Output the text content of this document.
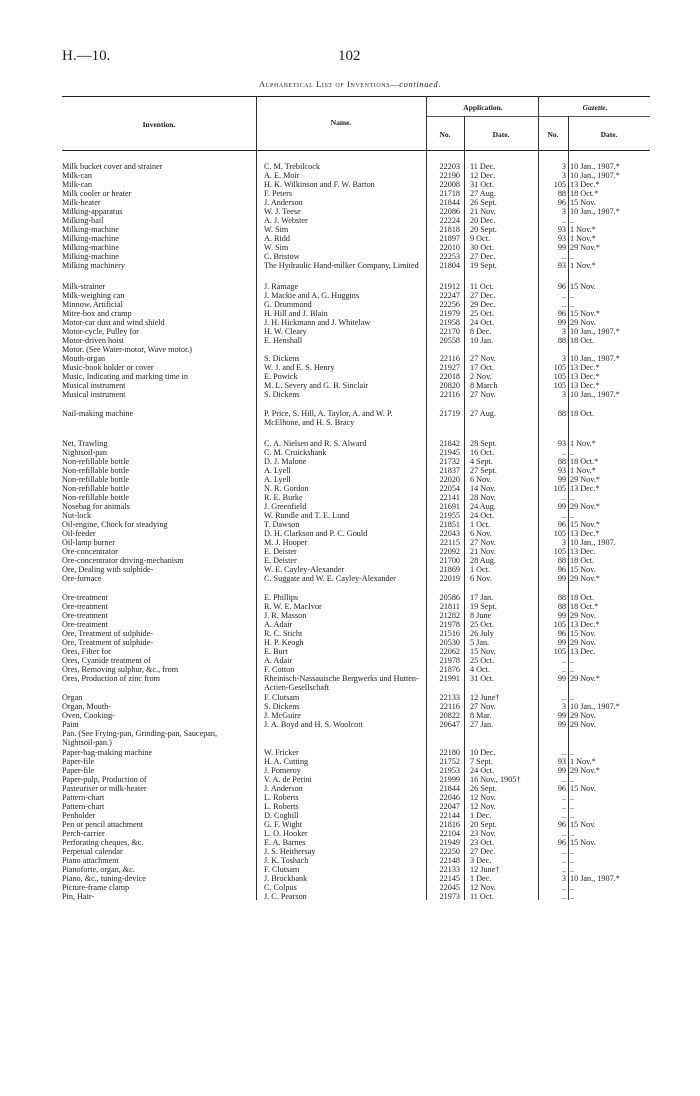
H.—10.	102
Alphabetical List of Inventions—continued.
Invention.	Name.
Application.
No.	Date.
Gazette.
No.	Date.
Milk bucket cover and strainer	C. M. Trebilcock	22203 11 Dec.	3 10 Jan., 1907.*
Milk-can	A. E. Moir	22190 12 Dec.	3 10 Jan., 1907.*
Milk-can	H. K. Wilkinson and F. W. Barton	22008 31 Oct.	105 13 Dec.*
Milk cooler or heater	F. Peters	21718 27 Aug.	88 18 Oct.*
Milk-heater	J. Anderson	21844 26 Sept.	96 15 Nov.
Milking-apparatus	W. J. Teese	22086 21 Nov.	3 10 Jan., 1907.*
Milking-bail	A. J. Webster	22224 20 Dec.	.. ..
Milking-machine	W. Sim	21818 20 Sept.	93 1 Nov.*
Milking-machine	A. Ridd	21897 9 Oct.	93 1 Nov.*
Milking-machine	W. Sim	22010 30 Oct.	99 29 Nov.*
Milking-machine	C. Bristow	22253 27 Dec.	.. ..
Milking machinery	The Hydraulic Hand-milker Company, Limited	21804 19 Sept.	93 1 Nov.*
Milk-strainer	J. Ramage	21912 11 Oct.	96 15 Nov.
Milk-weighing can	J. Mackie and A. G. Huggins	22247 27 Dec.	.. ..
Minnow, Artificial	G. Drummond	22256 29 Dec.	.. ..
Mitre-box and cramp	H. Hill and J. Blain	21979 25 Oct.	96 15 Nov.*
Motor-car dust and wind shield	J. H. Hickmann and J. Whitelaw	21958 24 Oct.	99 29 Nov.
Motor-cycle, Pulley for	H. W. Cleary	22170 8 Dec.	3 10 Jan., 1907.*
Motor-driven hoist	E. Henshall	20558 10 Jan.	88 18 Oct.
Motor. (See Water-motor, Wave motor.)
Mouth-organ	S. Dickens	22116 27 Nov.	3 10 Jan., 1907.*
Music-book holder or cover	W. J. and E. S. Henry	21927 17 Oct.	105 13 Dec.*
Music, Indicating and marking time in	E. Powick	22018 2 Nov.	105 13 Dec.*
Musical instrument	M. L. Severy and G. B. Sinclair	20820 8 March	105 13 Dec.*
Musical instrument	S. Dickens	22116 27 Nov.	3 10 Jan., 1907.*
Nail-making machine	P. Price, S. Hill, A. Taylor, A. and W. P. McElhone, and H. S. Bracy
21719 27 Aug.	88 18 Oct.
Net, Trawling	C. A. Nielsen and R. S. Alward	21842 28 Sept.	93 1 Nov.*
Nightsoil-pan	C. M. Cruickshank	21945 16 Oct.	.. ..
Non-refillable bottle	D. J. Malone	21732 4 Sept.	88 18 Oct.*
Non-refillable bottle	A. Lyell	21837 27 Sept.	93 1 Nov.*
Non-refillable bottle	A. Lyell	22020 6 Nov.	99 29 Nov.*
Non-refillable bottle	N. R. Gordon	22054 14 Nov.	105 13 Dec.*
Non-refillable bottle	R. E. Burke	22141 28 Nov.	.. ..
Nosebag for animals	J. Greenfield	21691 24 Aug.	99 29 Nov.*
Nut-lock	W. Rundle and T. E. Lund	21955 24 Oct.	.. ..
Oil-engine, Chock for steadying	T. Dawson	21851 1 Oct.	96 15 Nov.*
Oil-feeder	D. H. Clarkson and P. C. Gould	22043 6 Nov.	105 13 Dec.*
Oil-lamp burner	M. J. Hooper	22115 27 Nov.	3 10 Jan., 1907.
Ore-concentrator	E. Deister	22092 21 Nov.	105 13 Dec.
Ore-concentrator driving-mechanism	E. Deister	21700 28 Aug.	88 18 Oct.
Ore, Dealing with sulphide-	W. E. Cayley-Alexander	21869 1 Oct.	96 15 Nov.
Ore-furnace	C. Suggate and W. E. Cayley-Alexander	22019 6 Nov.	99 29 Nov.*
Ore-treatment	E. Phillips	20586 17 Jan.	88 18 Oct.
Ore-treatment	R. W. E. MacIvor	21811 19 Sept.	88 18 Oct.*
Ore-treatment	J. R. Masson	21282 8 June	99 29 Nov.
Ore-treatment	A. Adair	21978 25 Oct.	105 13 Dec.*
Ore, Treatment of sulphide-	R. C. Sticht	21516 26 July	96 15 Nov.
Ore, Treatment of sulphide-	H. P. Keogh	20530 5 Jan.	99 29 Nov.
Ores, Filter for	E. Burt	22062 15 Nov.	105 13 Dec.
Ores, Cyanide treatment of	A. Adair	21978 25 Oct.	.. ..
Ores, Removing sulphur, &c., from	F. Cotton	21876 4 Oct.	.. ..
Ores, Production of zinc from	Rheinisch-Nassauische Bergwerks und Hutten-Actien-Gesellschaft
21991 31 Oct.	99 29 Nov.*
Organ	F. Clutsam	22133 12 June†	.. ..
Organ, Mouth-	S. Dickens	22116 27 Nov.	3 10 Jan., 1907.*
Oven, Cooking-	J. McGuire	20822 8 Mar.	99 29 Nov.
Paint	J. A. Boyd and H. S. Woolcott	20647 27 Jan.	99 29 Nov.
Pan. (See Frying-pan, Grinding-pan, Saucepan, Nightsoil-pan.)
Paper-bag-making machine	W. Fricker	22180 10 Dec.	.. ..
Paper-file	H. A. Cutting	21752 7 Sept.	93 1 Nov.*
Paper-file	J. Pomeroy	21953 24 Oct.	99 29 Nov.*
Paper-pulp, Production of	V. A. de Perini	21999 16 Nov., 1905†	.. ..
Pasteuriser or milk-heater	J. Anderson	21844 26 Sept.	96 15 Nov.
Pattern-chart	L. Roberts	22046 12 Nov.	.. ..
Pattern-chart	L. Roberts	22047 12 Nov.	.. ..
Penholder	D. Coghill	22144 1 Dec.	.. ..
Pen or pencil attachment	G. F. Wight	21816 20 Sept.	96 15 Nov.
Perch-carrier	L. O. Hooker	22104 23 Nov.	.. ..
Perforating cheques, &c.	E. A. Barnes	21949 23 Oct.	96 15 Nov.
Perpetual calendar	J. S. Heithersay	22250 27 Dec.	.. ..
Piano attachment	J. K. Toshach	22148 3 Dec.	.. ..
Pianoforte, organ, &c.	F. Clutsam	22133 12 June†	.. ..
Piano, &c., tuning-device	J. Brockbank	22145 1 Dec.	3 10 Jan., 1907.*
Picture-frame clamp	C. Colpus	22045 12 Nov.	.. ..
Pin, Hair-	J. C. Pearson	21973 11 Oct.	.. ..
